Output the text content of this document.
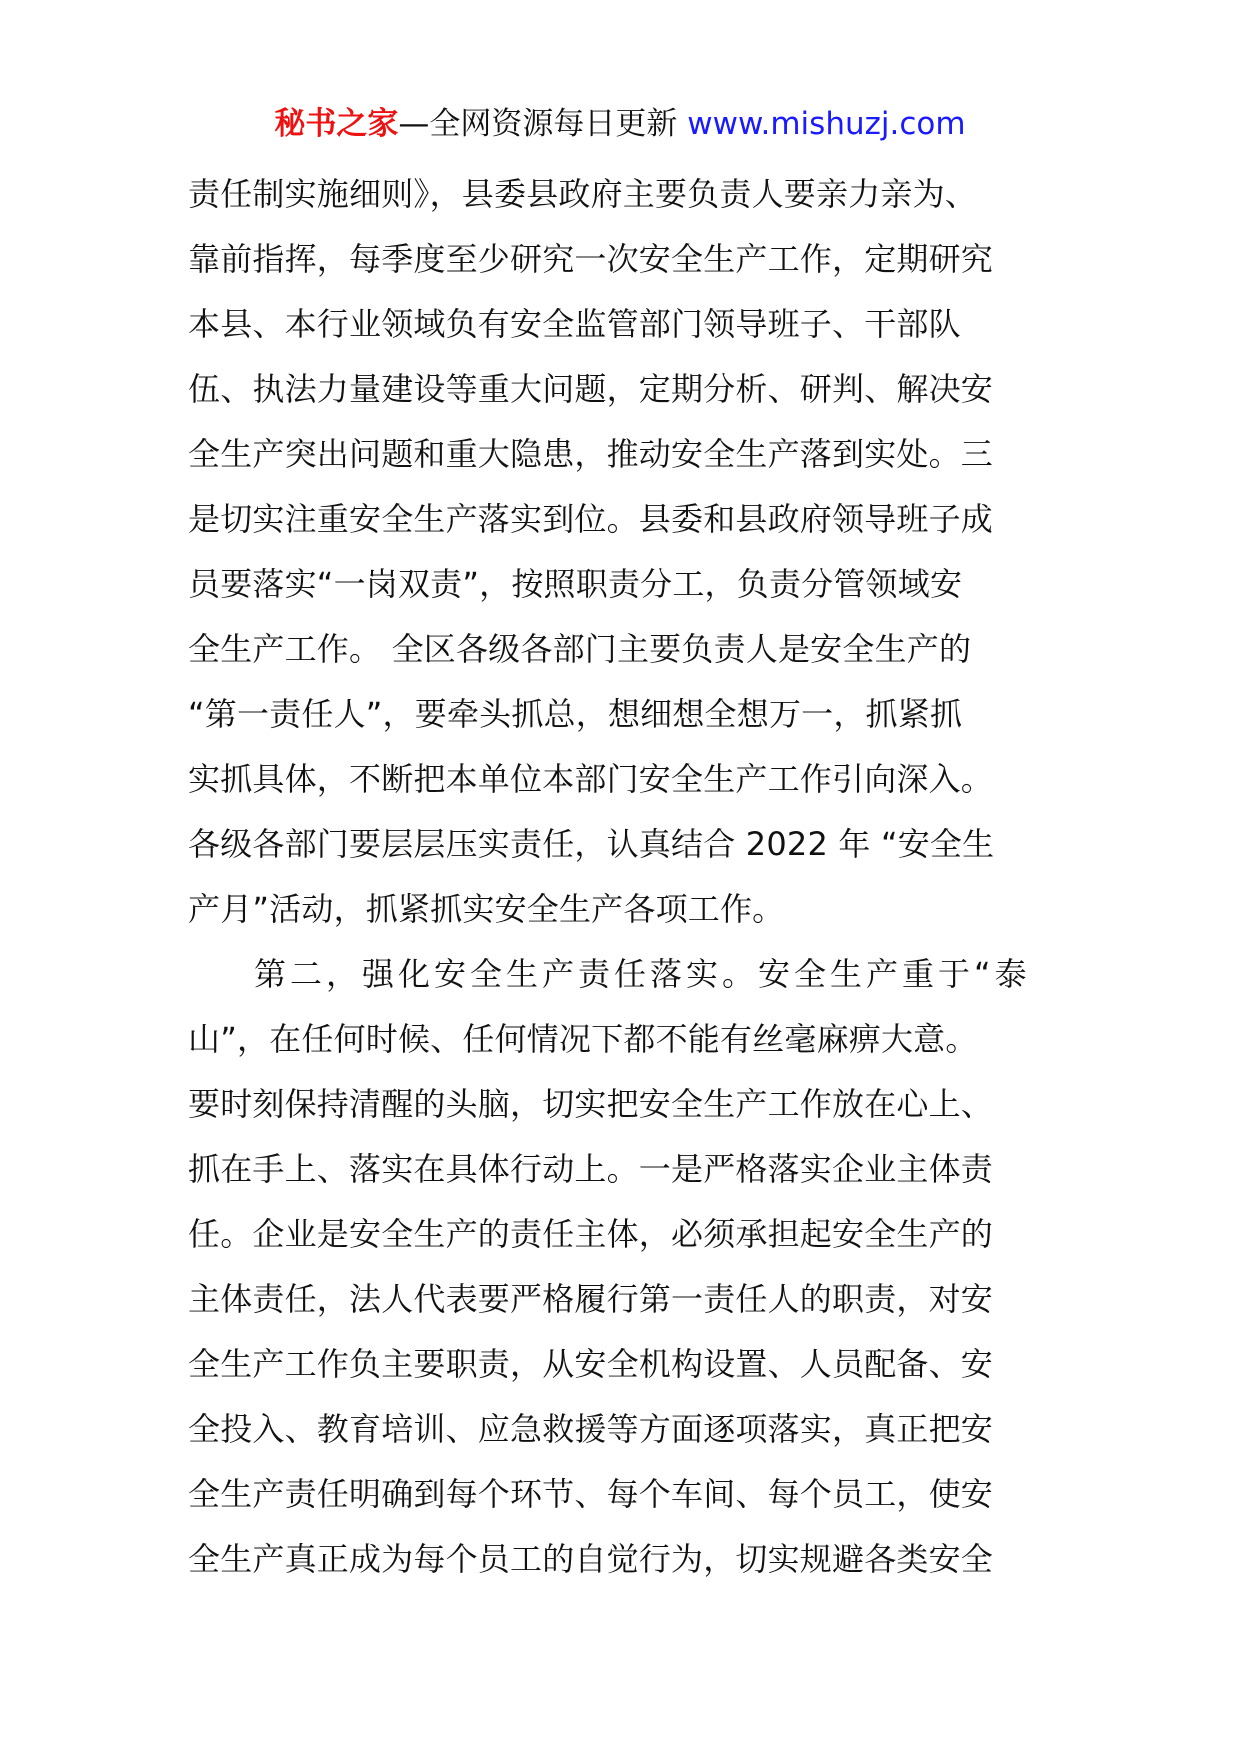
秘书之家—全网资源每日更新 www.mishuzj.com
责任制实施细则》，县委县政府主要负责人要亲力亲为、
靠前指挥，每季度至少研究一次安全生产工作，定期研究
本县、本行业领域负有安全监管部门领导班子、干部队
伍、执法力量建设等重大问题，定期分析、研判、解决安
全生产突出问题和重大隐患，推动安全生产落到实处。三
是切实注重安全生产落实到位。县委和县政府领导班子成
员要落实“一岗双责”，按照职责分工，负责分管领域安
全生产工作。 全区各级各部门主要负责人是安全生产的
“第一责任人”，要牵头抓总，想细想全想万一，抓紧抓
实抓具体，不断把本单位本部门安全生产工作引向深入。
各级各部门要层层压实责任，认真结合 2022 年 “安全生
产月”活动，抓紧抓实安全生产各项工作。
第二，强化安全生产责任落实。安全生产重于“泰
山”，在任何时候、任何情况下都不能有丝毫麻痹大意。
要时刻保持清醒的头脑，切实把安全生产工作放在心上、
抓在手上、落实在具体行动上。一是严格落实企业主体责
任。企业是安全生产的责任主体，必须承担起安全生产的
主体责任，法人代表要严格履行第一责任人的职责，对安
全生产工作负主要职责，从安全机构设置、人员配备、安
全投入、教育培训、应急救援等方面逐项落实，真正把安
全生产责任明确到每个环节、每个车间、每个员工，使安
全生产真正成为每个员工的自觉行为，切实规避各类安全
